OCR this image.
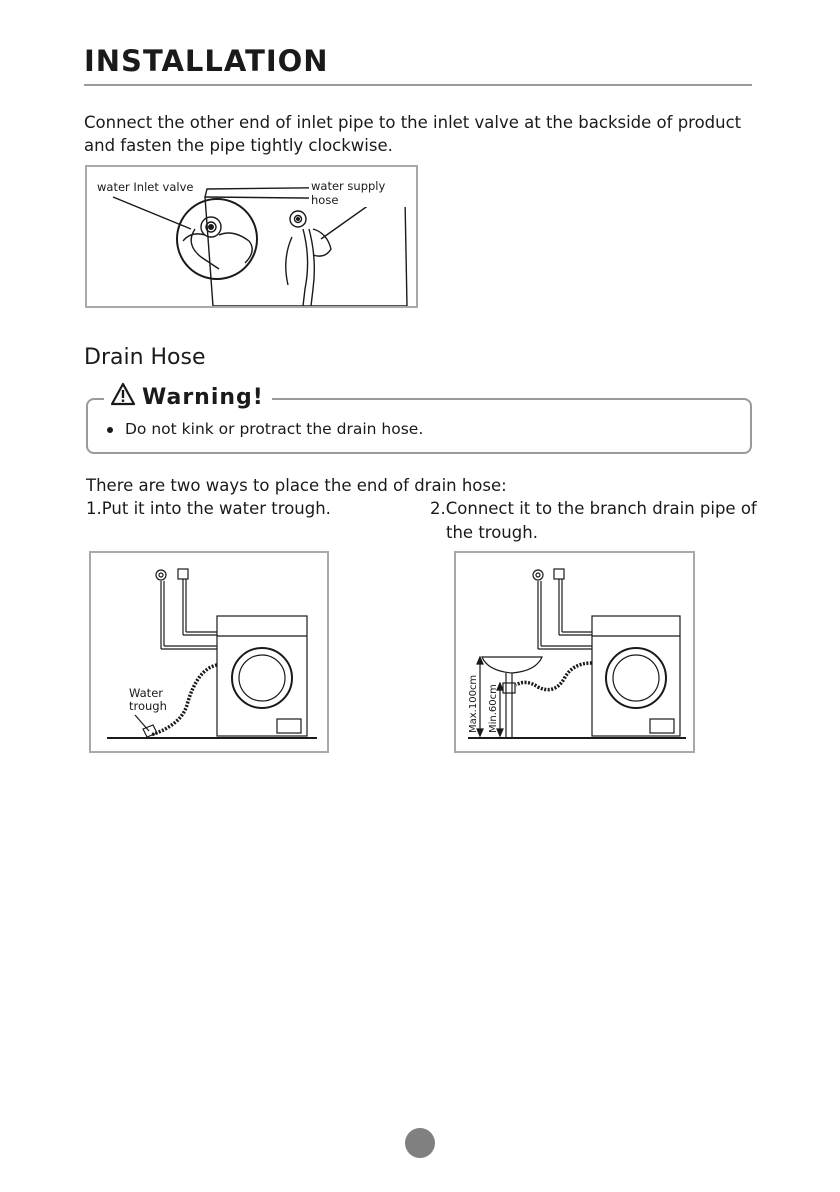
INSTALLATION
Connect the other end of inlet pipe to the inlet valve at the backside of product
and fasten the pipe tightly clockwise.
water Inlet valve	water supply hose
Drain Hose
Warning!
Do not kink or protract the drain hose.
There are two ways to place the end of drain hose:
1.Put it into the water trough.	2.Connect it to the branch drain pipe of
the trough.
Water
trough	Max.100cm Min.60cm
